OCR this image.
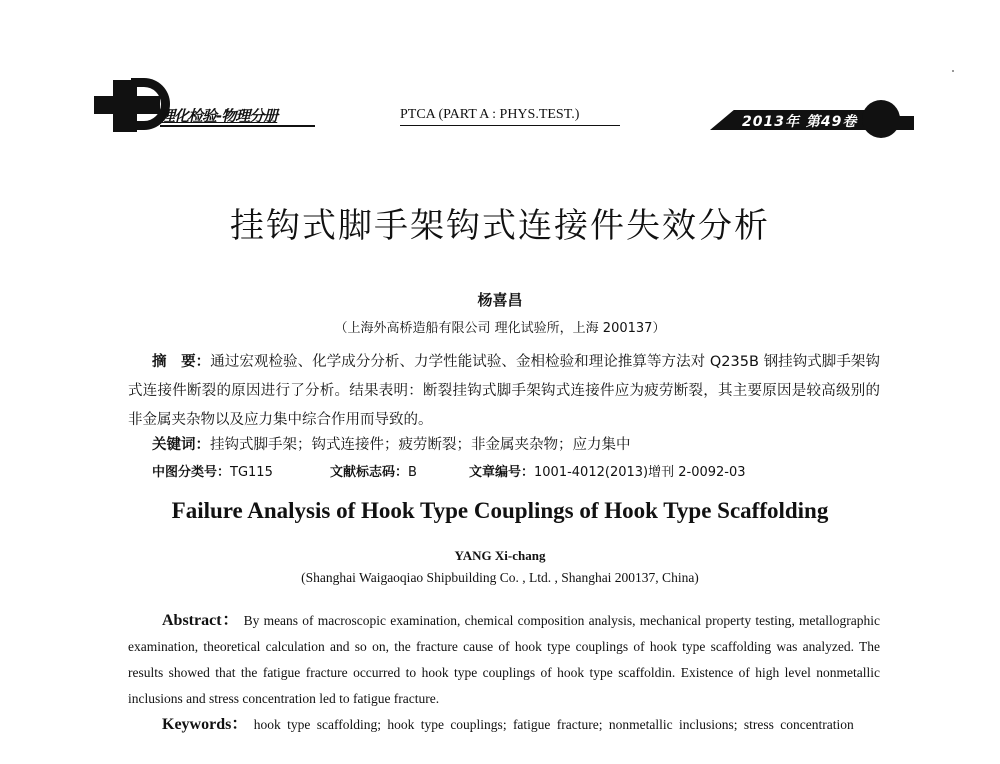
理化检验-物理分册	PTCA (PART A : PHYS.TEST.)	2013年 第49卷
挂钩式脚手架钩式连接件失效分析
杨喜昌
（上海外高桥造船有限公司 理化试验所，上海 200137）
摘　要：通过宏观检验、化学成分分析、力学性能试验、金相检验和理论推算等方法对 Q235B 钢挂钩式脚手架钩式连接件断裂的原因进行了分析。结果表明：断裂挂钩式脚手架钩式连接件应为疲劳断裂，其主要原因是较高级别的非金属夹杂物以及应力集中综合作用而导致的。
关键词：挂钩式脚手架；钩式连接件；疲劳断裂；非金属夹杂物；应力集中
中图分类号：TG115	文献标志码：B	文章编号：1001-4012(2013)增刊 2-0092-03
Failure Analysis of Hook Type Couplings of Hook Type Scaffolding
YANG Xi-chang
(Shanghai Waigaoqiao Shipbuilding Co. , Ltd. , Shanghai 200137, China)
Abstract： By means of macroscopic examination, chemical composition analysis, mechanical property testing, metallographic examination, theoretical calculation and so on, the fracture cause of hook type couplings of hook type scaffolding was analyzed. The results showed that the fatigue fracture occurred to hook type couplings of hook type scaffoldin. Existence of high level nonmetallic inclusions and stress concentration led to fatigue fracture.
Keywords： hook type scaffolding; hook type couplings; fatigue fracture; nonmetallic inclusions; stress concentration
